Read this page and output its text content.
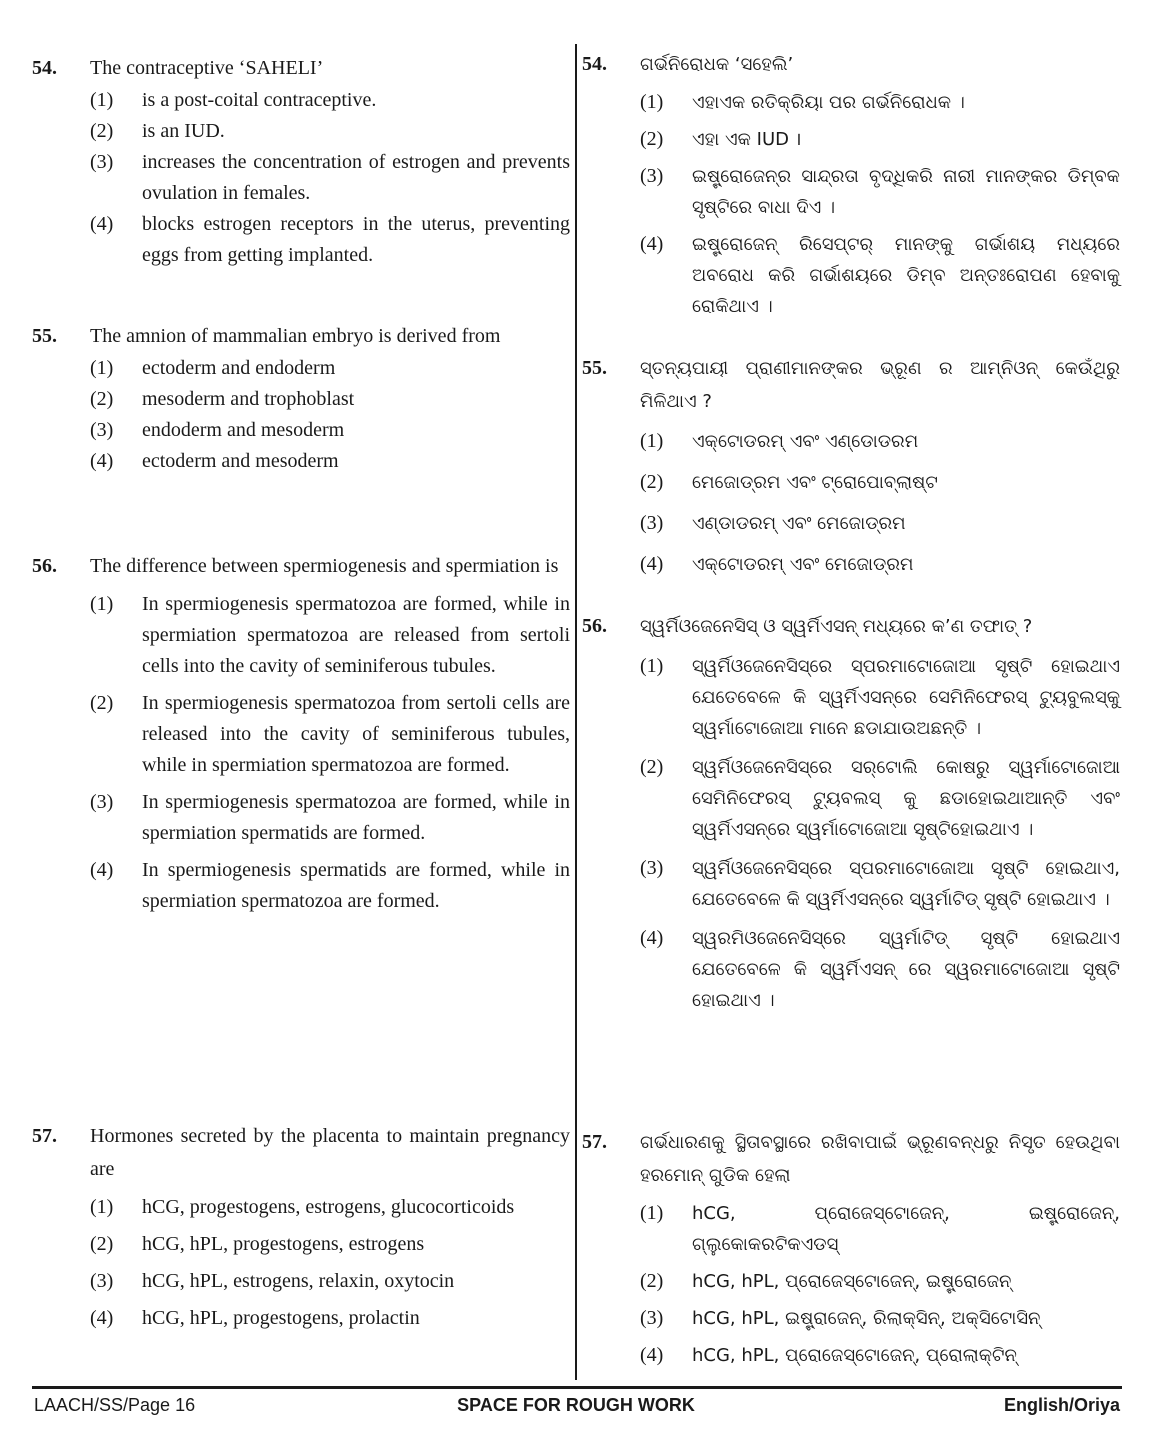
54.	The contraceptive ‘SAHELI’
(1)	is a post-coital contraceptive.
(2)	is an IUD.
(3)	increases the concentration of estrogen and prevents ovulation in females.
(4)	blocks estrogen receptors in the uterus, preventing eggs from getting implanted.
55.	The amnion of mammalian embryo is derived from
(1)	ectoderm and endoderm
(2)	mesoderm and trophoblast
(3)	endoderm and mesoderm
(4)	ectoderm and mesoderm
56.	The difference between spermiogenesis and spermiation is
(1)	In spermiogenesis spermatozoa are formed, while in spermiation spermatozoa are released from sertoli cells into the cavity of seminiferous tubules.
(2)	In spermiogenesis spermatozoa from sertoli cells are released into the cavity of seminiferous tubules, while in spermiation spermatozoa are formed.
(3)	In spermiogenesis spermatozoa are formed, while in spermiation spermatids are formed.
(4)	In spermiogenesis spermatids are formed, while in spermiation spermatozoa are formed.
57.	Hormones secreted by the placenta to maintain pregnancy are
(1)	hCG, progestogens, estrogens, glucocorticoids
(2)	hCG, hPL, progestogens, estrogens
(3)	hCG, hPL, estrogens, relaxin, oxytocin
(4)	hCG, hPL, progestogens, prolactin
54.	ଗର୍ଭନିରୋଧକ ‘ସହେଲି’
(1)	ଏହାଏକ ରତିକ୍ରିୟା ପର ଗର୍ଭନିରୋଧକ ।
(2)	ଏହା ଏକ IUD ।
(3)	ଇଷ୍ଟ୍ରୋଜେନ୍‌ର ସାନ୍ଦ୍ରତା ବୃଦ୍ଧିକରି ନାରୀ ମାନଙ୍କର ଡିମ୍ବକ ସୃଷ୍ଟିରେ ବାଧା ଦିଏ ।
(4)	ଇଷ୍ଟ୍ରୋଜେନ୍ ରିସେପ୍ଟର୍ ମାନଙ୍କୁ ଗର୍ଭାଶୟ ମଧ୍ୟରେ ଅବରୋଧ କରି ଗର୍ଭାଶୟରେ ଡିମ୍ବ ଅନ୍ତଃରୋପଣ ହେବାକୁ ରୋକିଥାଏ ।
55.	ସ୍ତନ୍ୟପାୟୀ ପ୍ରାଣୀମାନଙ୍କର ଭ୍ରୂଣ ର ଆମ୍‌ନିଓନ୍ କେଉଁଥିରୁ ମିଳିଥାଏ ?
(1)	ଏକ୍‌ଟୋଡରମ୍ ଏବଂ ଏଣ୍ଡୋଡରମ
(2)	ମେଜୋଡ୍‌ରମ ଏବଂ ଟ୍ରୋପୋବ୍ଲାଷ୍ଟ
(3)	ଏଣ୍ଡାଡରମ୍ ଏବଂ ମେଜୋଡ୍‌ରମ
(4)	ଏକ୍‌ଟୋଡରମ୍ ଏବଂ ମେଜୋଡ୍‌ରମ
56.	ସ୍ୱର୍ମିଓଜେନେସିସ୍ ଓ ସ୍ୱର୍ମିଏସନ୍ ମଧ୍ୟରେ କ’ଣ ତଫାତ୍ ?
(1)	ସ୍ୱର୍ମିଓଜେନେସିସ୍‌ରେ ସ୍ପରମାଟୋଜୋଆ ସୃଷ୍ଟି ହୋଇଥାଏ ଯେତେବେଳେ କି ସ୍ୱର୍ମିଏସନ୍‌ରେ ସେମିନିଫେରସ୍ ଟ୍ୟୁବୁଲସ୍‌କୁ ସ୍ୱର୍ମାଟୋଜୋଆ ମାନେ ଛଡାଯାଉଅଛନ୍ତି ।
(2)	ସ୍ୱର୍ମିଓଜେନେସିସ୍‌ରେ ସର୍‌ଟୋଲି କୋଷରୁ ସ୍ୱର୍ମାଟୋଜୋଆ ସେମିନିଫେରସ୍ ଟ୍ୟୁବଲସ୍ କୁ ଛଡାହୋଇଥାଆନ୍ତି ଏବଂ ସ୍ୱର୍ମିଏସନ୍‌ରେ ସ୍ୱର୍ମାଟୋଜୋଆ ସୃଷ୍ଟିହୋଇଥାଏ ।
(3)	ସ୍ୱର୍ମିଓଜେନେସିସ୍‌ରେ ସ୍ପରମାଟୋଜୋଆ ସୃଷ୍ଟି ହୋଇଥାଏ, ଯେତେବେଳେ କି ସ୍ୱର୍ମିଏସନ୍‌ରେ ସ୍ୱର୍ମାଟିଡ୍ ସୃଷ୍ଟି ହୋଇଥାଏ ।
(4)	ସ୍ୱରମିଓଜେନେସିସ୍‌ରେ ସ୍ୱର୍ମାଟିଡ୍ ସୃଷ୍ଟି ହୋଇଥାଏ ଯେତେବେଳେ କି ସ୍ୱର୍ମିଏସନ୍ ରେ ସ୍ୱରମାଟୋଜୋଆ ସୃଷ୍ଟି ହୋଇଥାଏ ।
57.	ଗର୍ଭଧାରଣକୁ ସ୍ଥିତାବସ୍ଥାରେ ରଖିବାପାଇଁ ଭ୍ରୂଣବନ୍ଧରୁ ନିସୃତ ହେଉଥିବା ହରମୋନ୍ ଗୁଡିକ ହେଲା
(1)	hCG, ପ୍ରୋଜେସ୍ଟୋଜେନ୍, ଇଷ୍ଟ୍ରୋଜେନ୍, ଗ୍ଲୁକୋକରଟିକଏଡସ୍
(2)	hCG, hPL, ପ୍ରୋଜେସ୍ଟୋଜେନ୍, ଇଷ୍ଟ୍ରୋଜେନ୍
(3)	hCG, hPL, ଇଷ୍ଟ୍ରାଜେନ୍, ରିଲାକ୍ସିନ୍, ଅକ୍ସିଟୋସିନ୍
(4)	hCG, hPL, ପ୍ରୋଜେସ୍ଟୋଜେନ୍, ପ୍ରୋଲାକ୍ଟିନ୍
LAACH/SS/Page 16	SPACE FOR ROUGH WORK	English/Oriya
